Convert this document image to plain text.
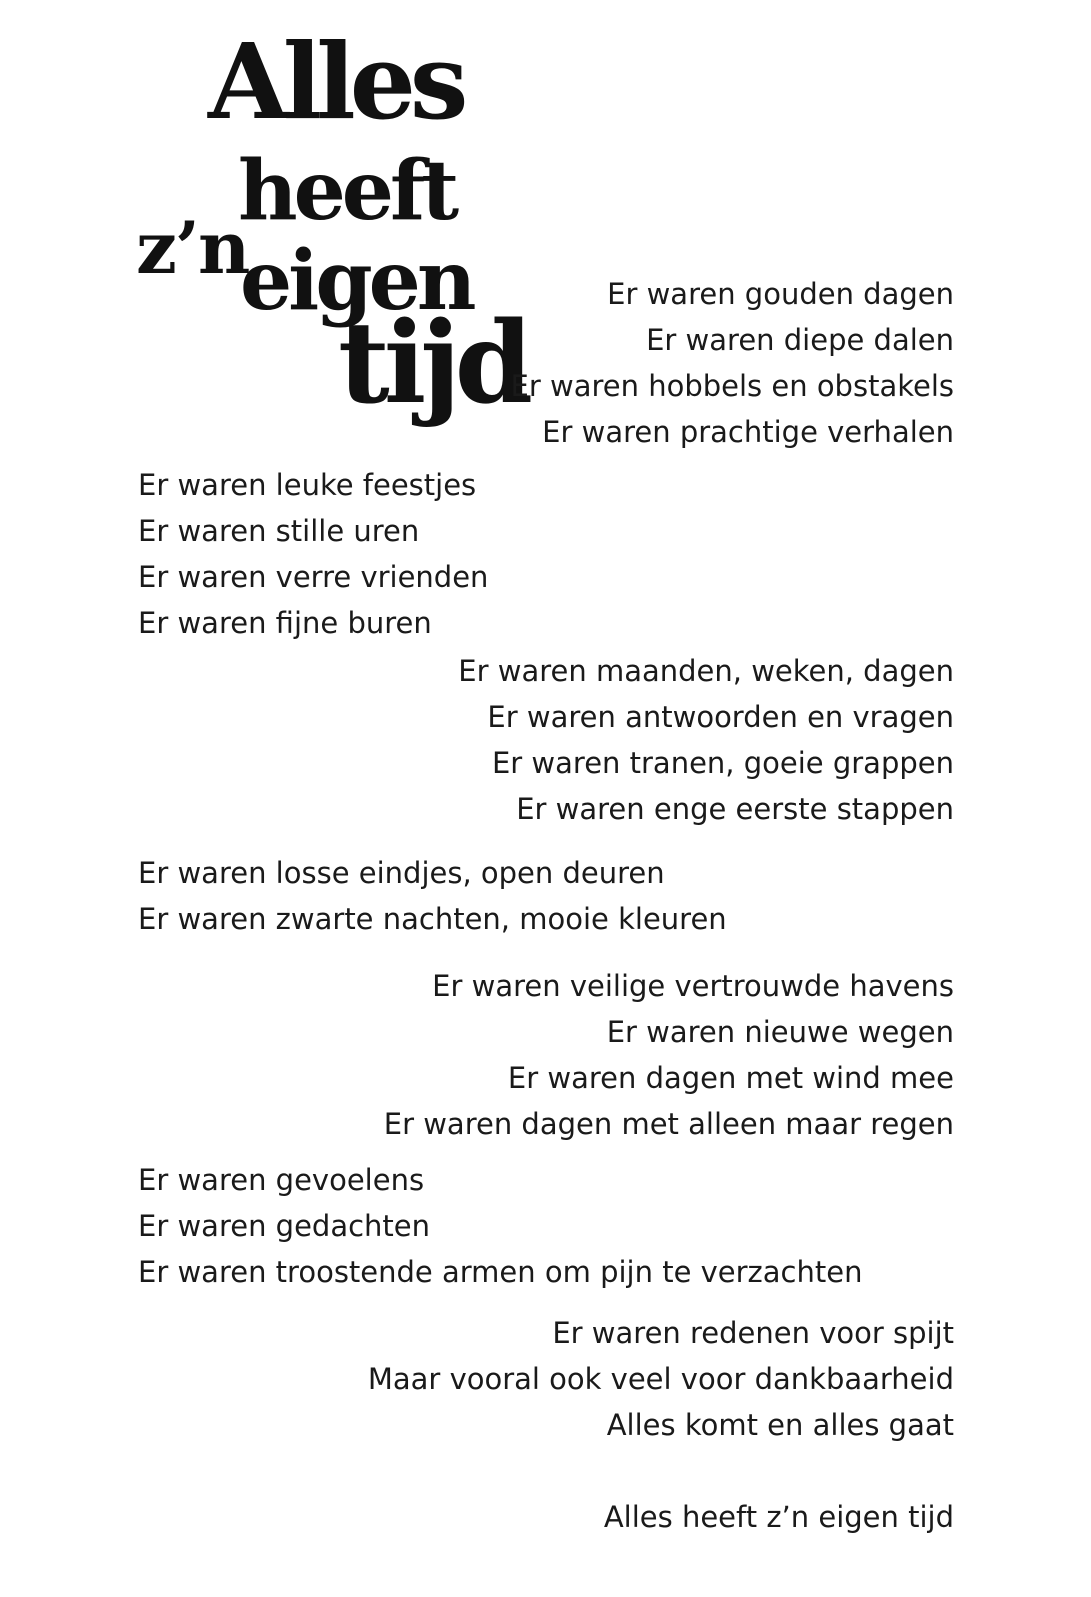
Alles
heeft
z’n
eigen
tijd
Er waren gouden dagen
Er waren diepe dalen
Er waren hobbels en obstakels
Er waren prachtige verhalen
Er waren leuke feestjes
Er waren stille uren
Er waren verre vrienden
Er waren fijne buren
Er waren maanden, weken, dagen
Er waren antwoorden en vragen
Er waren tranen, goeie grappen
Er waren enge eerste stappen
Er waren losse eindjes, open deuren
Er waren zwarte nachten, mooie kleuren
Er waren veilige vertrouwde havens
Er waren nieuwe wegen
Er waren dagen met wind mee
Er waren dagen met alleen maar regen
Er waren gevoelens
Er waren gedachten
Er waren troostende armen om pijn te verzachten
Er waren redenen voor spijt
Maar vooral ook veel voor dankbaarheid
Alles komt en alles gaat
Alles heeft z’n eigen tijd
